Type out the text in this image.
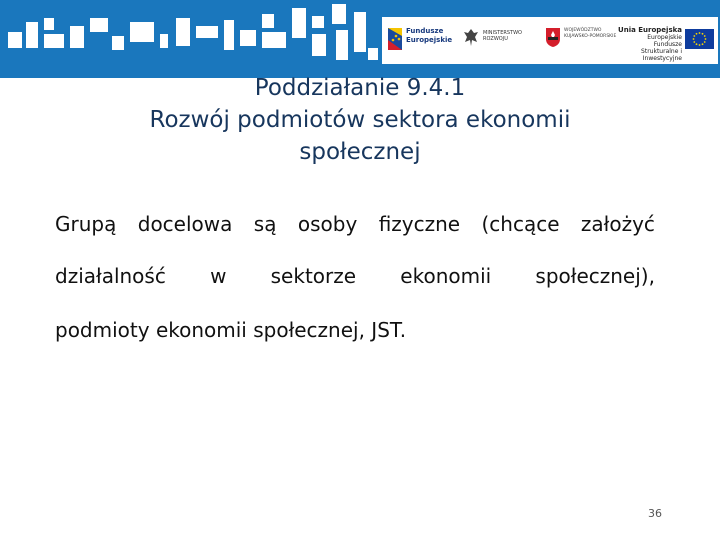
Fundusze
Europejskie
MINISTERSTWO
ROZWOJU
WOJEWÓDZTWO
KUJAWSKO-POMORSKIE
Unia Europejska
Europejskie Fundusze
Strukturalne i Inwestycyjne
Poddziałanie 9.4.1
Rozwój podmiotów sektora ekonomii
społecznej
Grupą docelowa są osoby fizyczne (chcące założyć
działalność w sektorze ekonomii społecznej),
podmioty ekonomii społecznej, JST.
36
